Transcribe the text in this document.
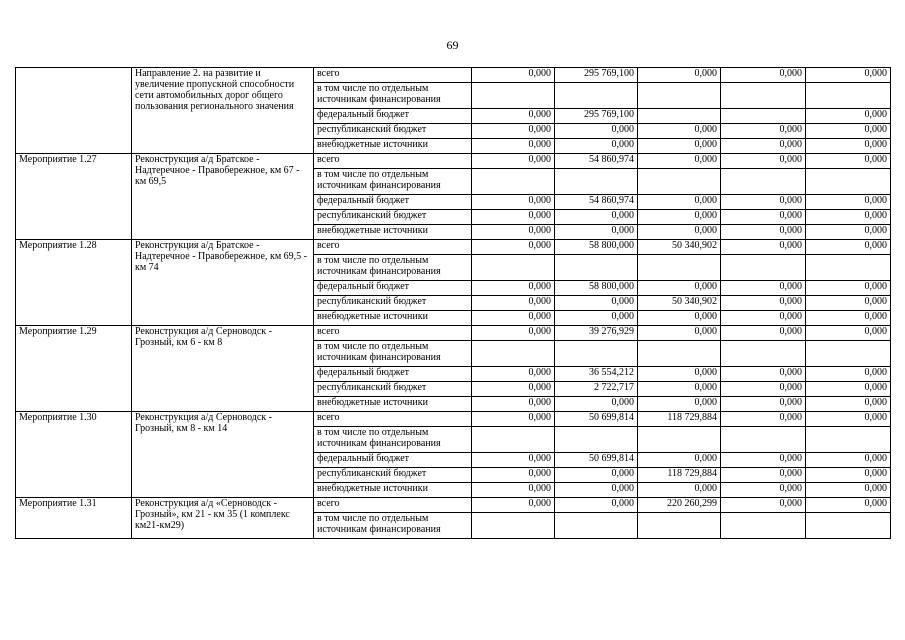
69
	Направление 2. на развитие и увеличение пропускной способности сети автомобильных дорог общего пользования регионального значения	всего	0,000	295 769,100	0,000	0,000	0,000
		в том числе по отдельным источникам финансирования					
		федеральный бюджет	0,000	295 769,100			0,000
		республиканский бюджет	0,000	0,000	0,000	0,000	0,000
		внебюджетные источники	0,000	0,000	0,000	0,000	0,000
Мероприятие 1.27	Реконструкция а/д Братское - Надтеречное - Правобережное, км 67 - км 69,5	всего	0,000	54 860,974	0,000	0,000	0,000
		в том числе по отдельным источникам финансирования					
		федеральный бюджет	0,000	54 860,974	0,000	0,000	0,000
		республиканский бюджет	0,000	0,000	0,000	0,000	0,000
		внебюджетные источники	0,000	0,000	0,000	0,000	0,000
Мероприятие 1.28	Реконструкция а/д Братское - Надтеречное - Правобережное, км 69,5 - км 74	всего	0,000	58 800,000	50 340,902	0,000	0,000
		в том числе по отдельным источникам финансирования					
		федеральный бюджет	0,000	58 800,000	0,000	0,000	0,000
		республиканский бюджет	0,000	0,000	50 340,902	0,000	0,000
		внебюджетные источники	0,000	0,000	0,000	0,000	0,000
Мероприятие 1.29	Реконструкция а/д Серноводск - Грозный, км 6 - км 8	всего	0,000	39 276,929	0,000	0,000	0,000
		в том числе по отдельным источникам финансирования					
		федеральный бюджет	0,000	36 554,212	0,000	0,000	0,000
		республиканский бюджет	0,000	2 722,717	0,000	0,000	0,000
		внебюджетные источники	0,000	0,000	0,000	0,000	0,000
Мероприятие 1.30	Реконструкция а/д Серноводск - Грозный, км 8 - км 14	всего	0,000	50 699,814	118 729,884	0,000	0,000
		в том числе по отдельным источникам финансирования					
		федеральный бюджет	0,000	50 699,814	0,000	0,000	0,000
		республиканский бюджет	0,000	0,000	118 729,884	0,000	0,000
		внебюджетные источники	0,000	0,000	0,000	0,000	0,000
Мероприятие 1.31	Реконструкция а/д «Серноводск - Грозный», км 21 - км 35 (1 комплекс км21-км29)	всего	0,000	0,000	220 260,299	0,000	0,000
		в том числе по отдельным источникам финансирования					
